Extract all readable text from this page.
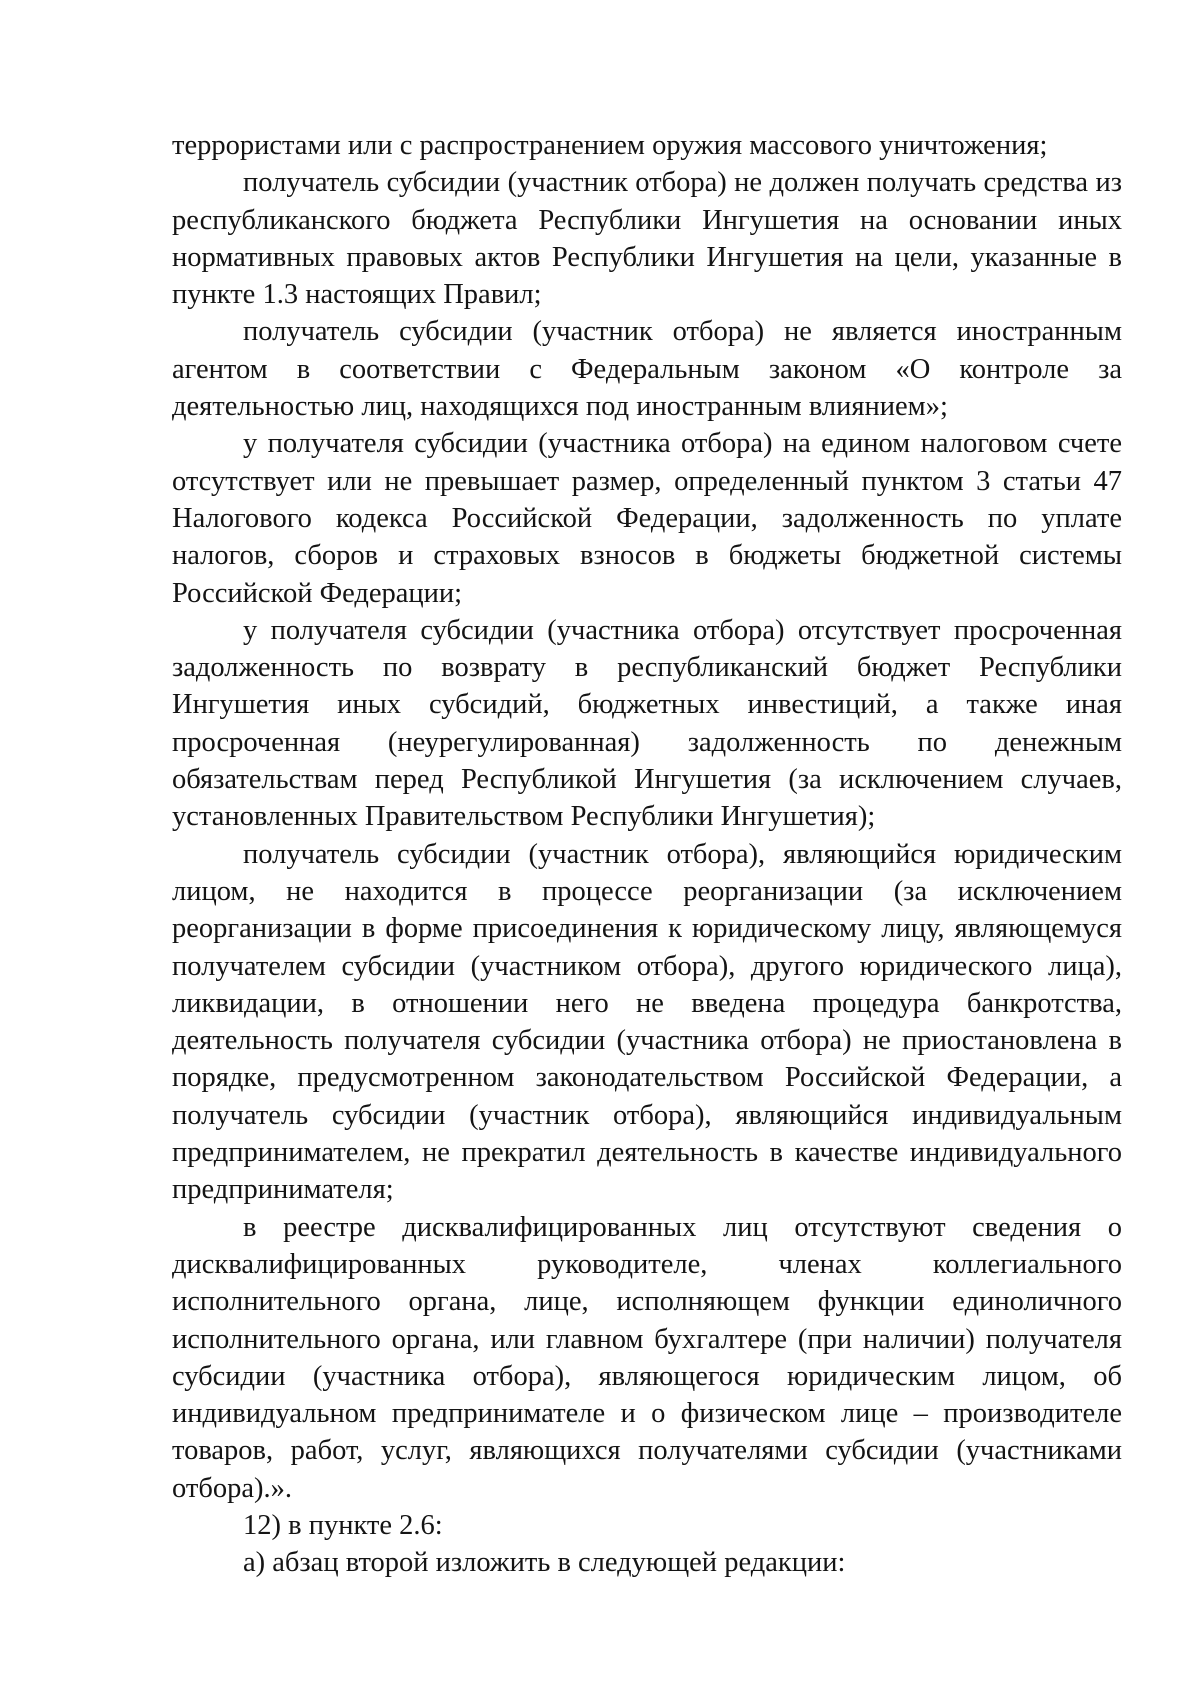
террористами или с распространением оружия массового уничтожения;

получатель субсидии (участник отбора) не должен получать средства из республиканского бюджета Республики Ингушетия на основании иных нормативных правовых актов Республики Ингушетия на цели, указанные в пункте 1.3 настоящих Правил;

получатель субсидии (участник отбора) не является иностранным агентом в соответствии с Федеральным законом «О контроле за деятельностью лиц, находящихся под иностранным влиянием»;

у получателя субсидии (участника отбора) на едином налоговом счете отсутствует или не превышает размер, определенный пунктом 3 статьи 47 Налогового кодекса Российской Федерации, задолженность по уплате налогов, сборов и страховых взносов в бюджеты бюджетной системы Российской Федерации;

у получателя субсидии (участника отбора) отсутствует просроченная задолженность по возврату в республиканский бюджет Республики Ингушетия иных субсидий, бюджетных инвестиций, а также иная просроченная (неурегулированная) задолженность по денежным обязательствам перед Республикой Ингушетия (за исключением случаев, установленных Правительством Республики Ингушетия);

получатель субсидии (участник отбора), являющийся юридическим лицом, не находится в процессе реорганизации (за исключением реорганизации в форме присоединения к юридическому лицу, являющемуся получателем субсидии (участником отбора), другого юридического лица), ликвидации, в отношении него не введена процедура банкротства, деятельность получателя субсидии (участника отбора) не приостановлена в порядке, предусмотренном законодательством Российской Федерации, а получатель субсидии (участник отбора), являющийся индивидуальным предпринимателем, не прекратил деятельность в качестве индивидуального предпринимателя;

в реестре дисквалифицированных лиц отсутствуют сведения о дисквалифицированных руководителе, членах коллегиального исполнительного органа, лице, исполняющем функции единоличного исполнительного органа, или главном бухгалтере (при наличии) получателя субсидии (участника отбора), являющегося юридическим лицом, об индивидуальном предпринимателе и о физическом лице – производителе товаров, работ, услуг, являющихся получателями субсидии (участниками отбора).».

12) в пункте 2.6:

а) абзац второй изложить в следующей редакции:
